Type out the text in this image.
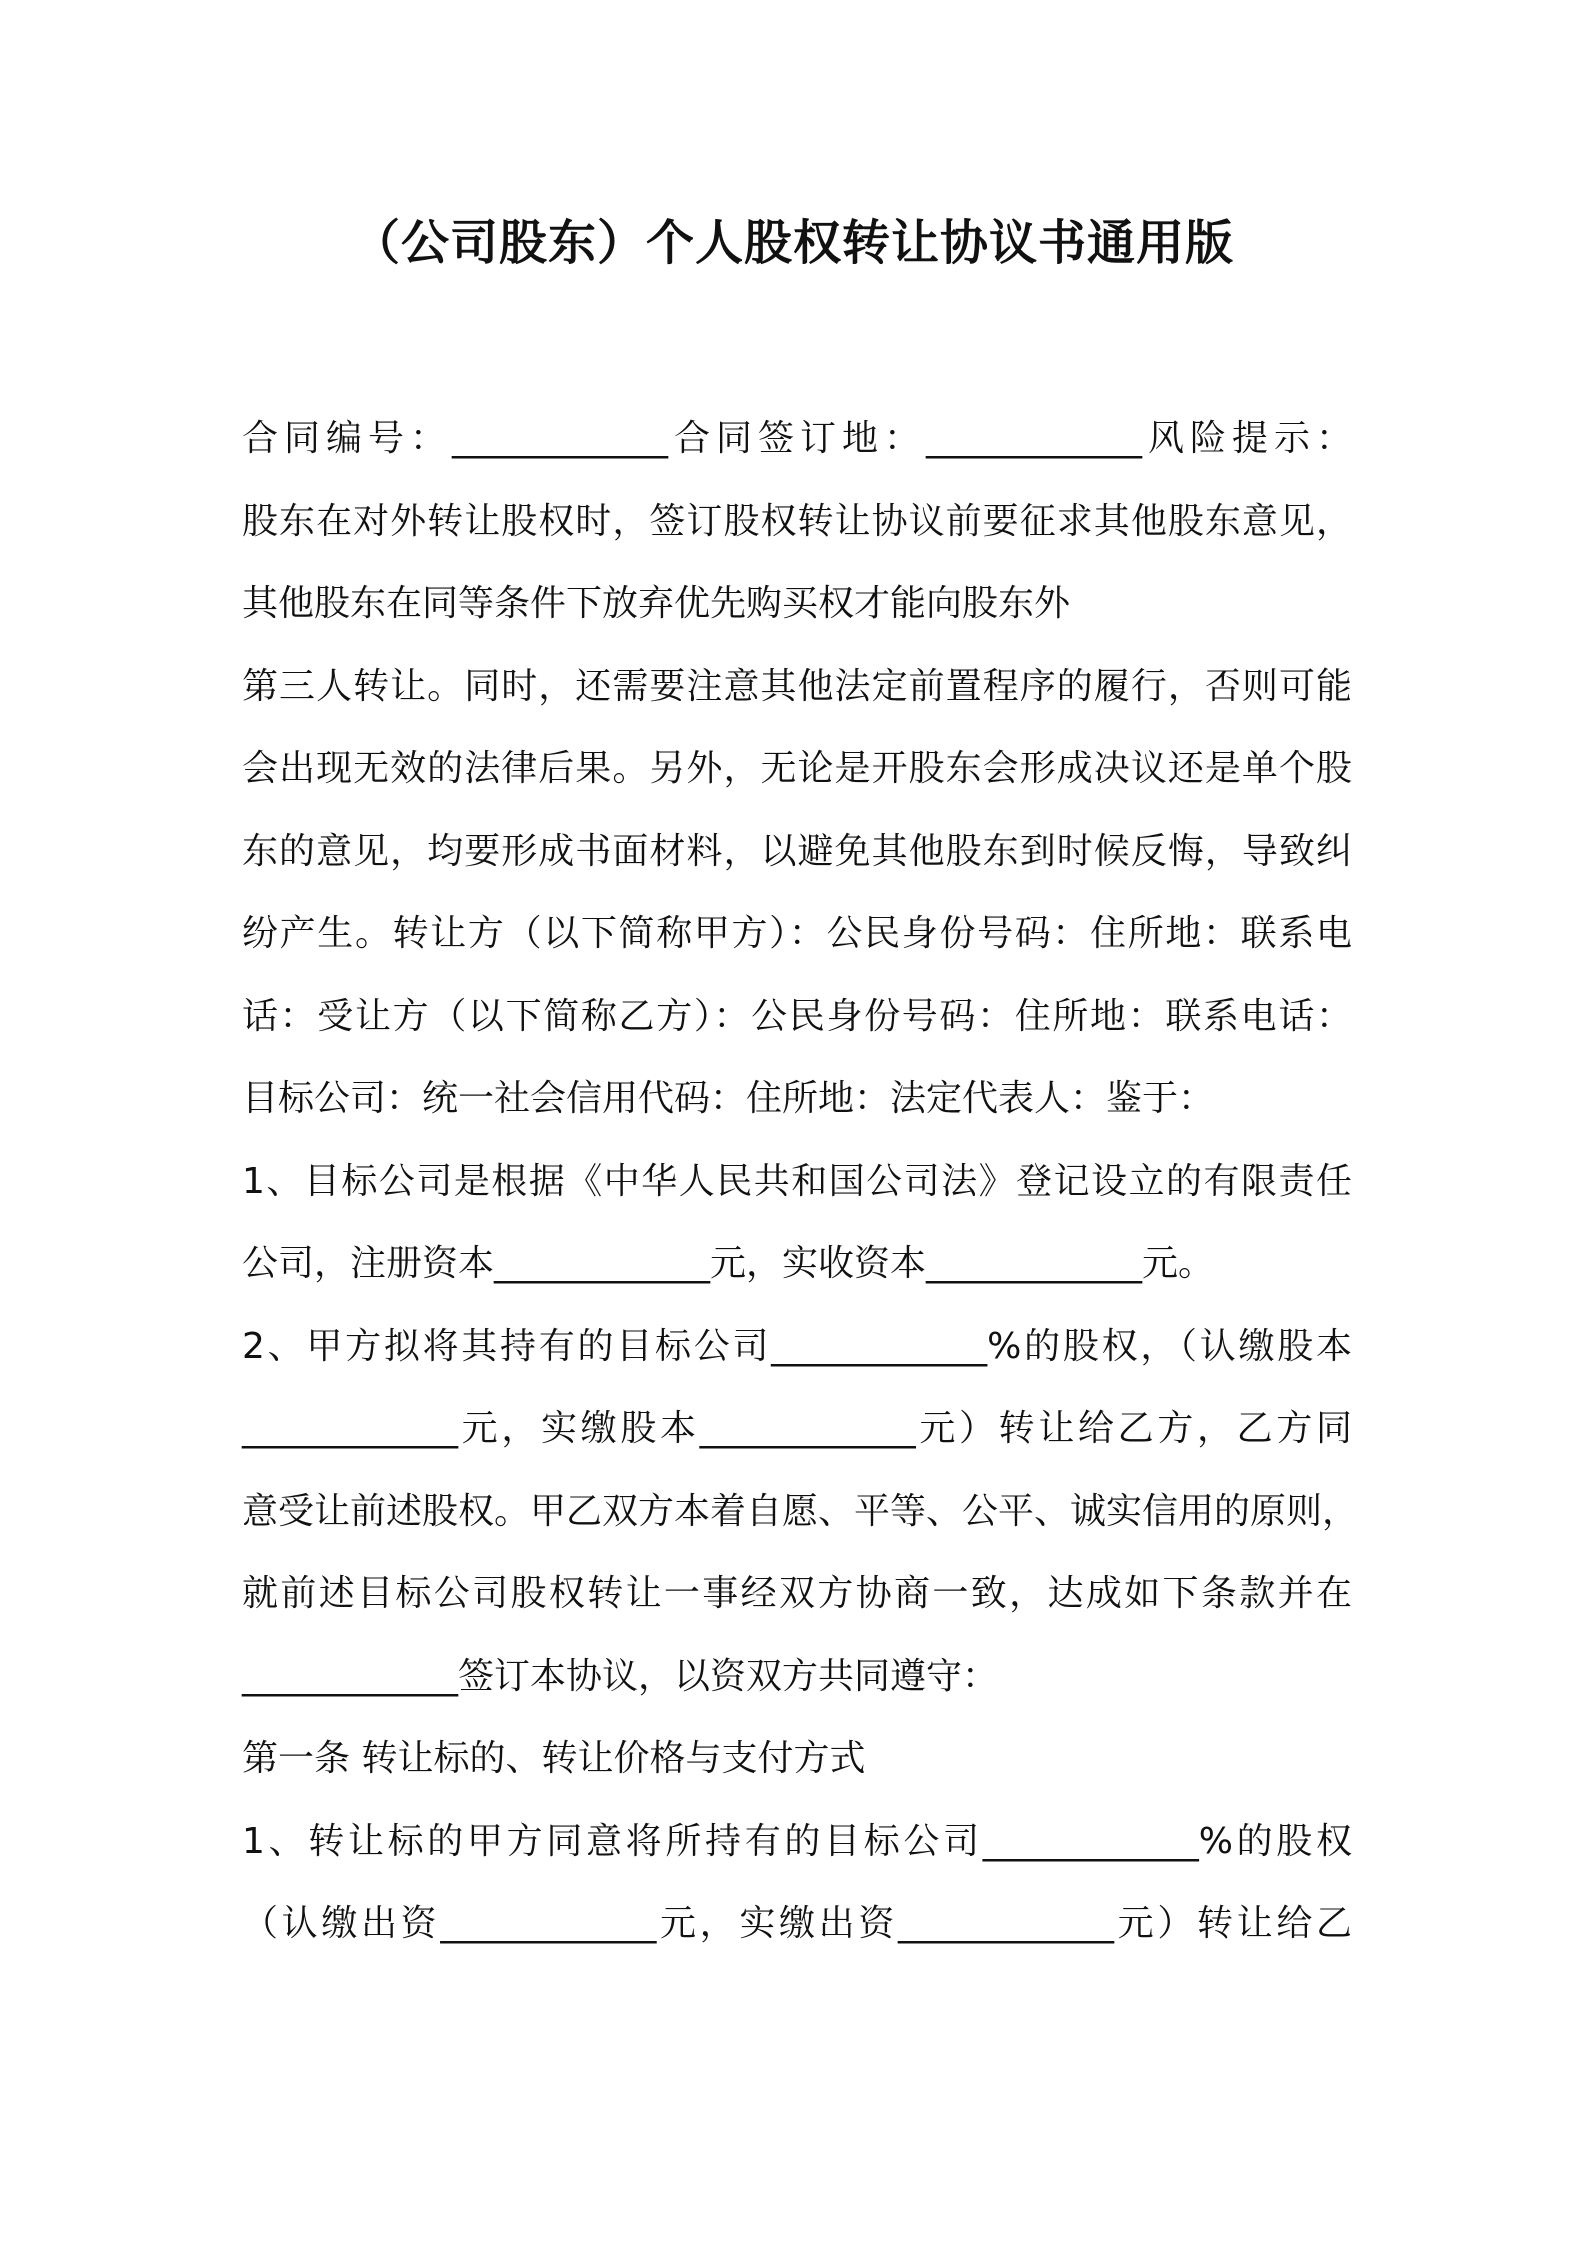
（公司股东）个人股权转让协议书通用版
合同编号：____________合同签订地：____________风险提示：
股东在对外转让股权时，签订股权转让协议前要征求其他股东意见，
其他股东在同等条件下放弃优先购买权才能向股东外
第三人转让。同时，还需要注意其他法定前置程序的履行，否则可能
会出现无效的法律后果。另外，无论是开股东会形成决议还是单个股
东的意见，均要形成书面材料，以避免其他股东到时候反悔，导致纠
纷产生。转让方（以下简称甲方）：公民身份号码：住所地：联系电
话：受让方（以下简称乙方）：公民身份号码：住所地：联系电话：
目标公司：统一社会信用代码：住所地：法定代表人：鉴于：
1、目标公司是根据《中华人民共和国公司法》登记设立的有限责任
公司，注册资本____________元，实收资本____________元。
2、甲方拟将其持有的目标公司____________%的股权，（认缴股本
____________元，实缴股本____________元）转让给乙方，乙方同
意受让前述股权。甲乙双方本着自愿、平等、公平、诚实信用的原则，
就前述目标公司股权转让一事经双方协商一致，达成如下条款并在
____________签订本协议，以资双方共同遵守：
第一条 转让标的、转让价格与支付方式
1、转让标的甲方同意将所持有的目标公司____________%的股权
（认缴出资____________元，实缴出资____________元）转让给乙
